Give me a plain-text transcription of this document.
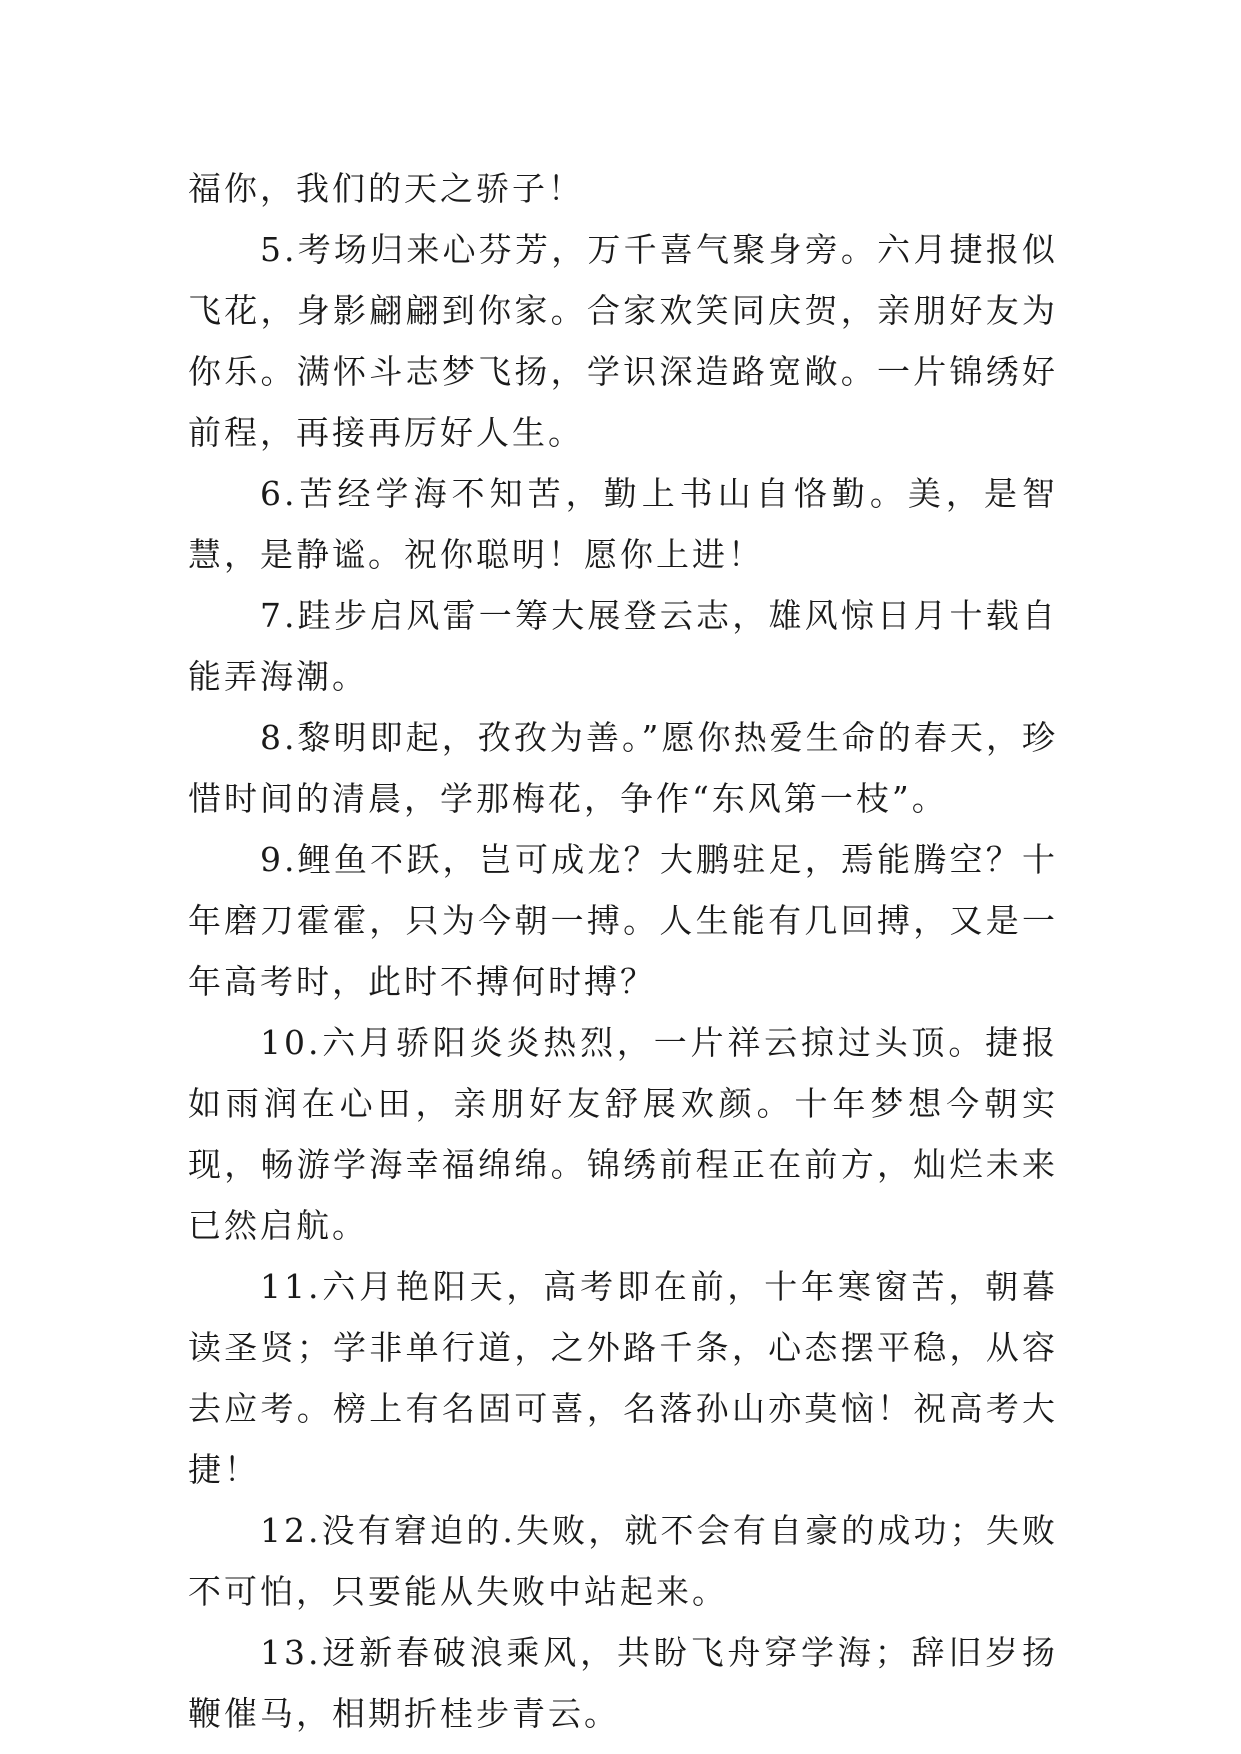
福你，我们的天之骄子！

5.考场归来心芬芳，万千喜气聚身旁。六月捷报似飞花，身影翩翩到你家。合家欢笑同庆贺，亲朋好友为你乐。满怀斗志梦飞扬，学识深造路宽敞。一片锦绣好前程，再接再厉好人生。

6.苦经学海不知苦，勤上书山自恪勤。美，是智慧，是静谧。祝你聪明！愿你上进！

7.跬步启风雷一筹大展登云志，雄风惊日月十载自能弄海潮。

8.黎明即起，孜孜为善。”愿你热爱生命的春天，珍惜时间的清晨，学那梅花，争作“东风第一枝”。

9.鲤鱼不跃，岂可成龙？大鹏驻足，焉能腾空？十年磨刀霍霍，只为今朝一搏。人生能有几回搏，又是一年高考时，此时不搏何时搏？

10.六月骄阳炎炎热烈，一片祥云掠过头顶。捷报如雨润在心田，亲朋好友舒展欢颜。十年梦想今朝实现，畅游学海幸福绵绵。锦绣前程正在前方，灿烂未来已然启航。

11.六月艳阳天，高考即在前，十年寒窗苦，朝暮读圣贤；学非单行道，之外路千条，心态摆平稳，从容去应考。榜上有名固可喜，名落孙山亦莫恼！祝高考大捷！

12.没有窘迫的.失败，就不会有自豪的成功；失败不可怕，只要能从失败中站起来。

13.迓新春破浪乘风，共盼飞舟穿学海；辞旧岁扬鞭催马，相期折桂步青云。
